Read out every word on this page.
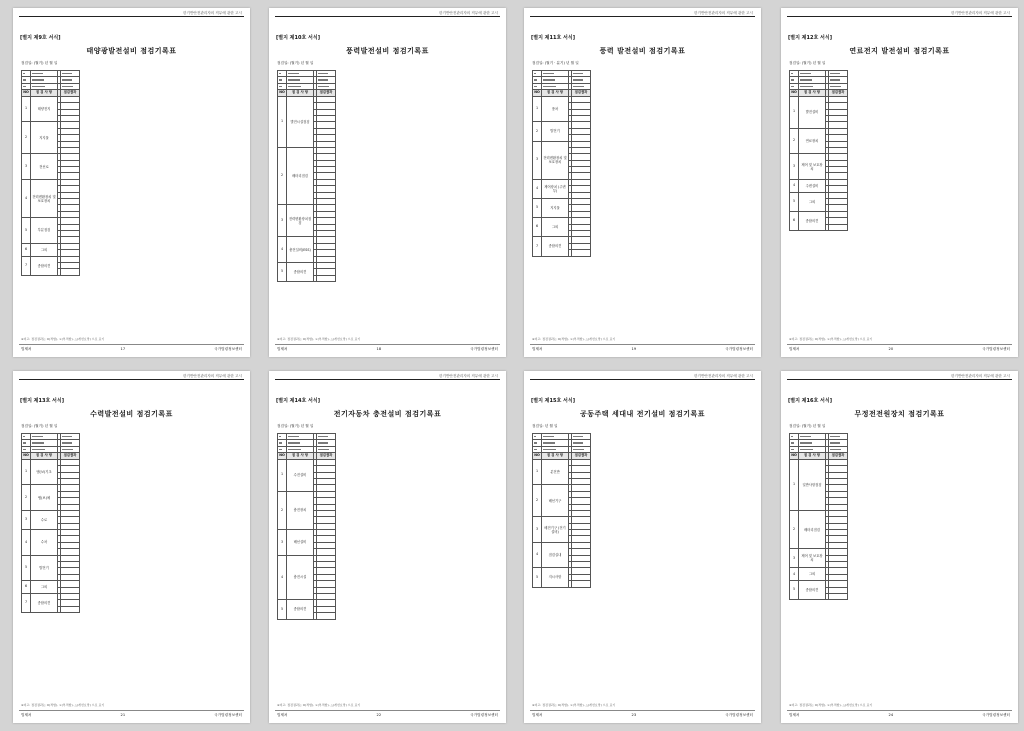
한기반안전관리자의 직무에 관한 고시
[별지 제9호 서식]
태양광발전설비 점검기록표
점검일: (월기) 년 월 일

NO	점 검 사 항		점검결과
1	태양전지	

2	지지물	

3	전선로	

4	전력변환장치 및 보호장치	

5	부분점검	

6	그외	

7	종합의견	

※비고: 점검결과는 O(적합), ×(부적합), △(개선요망) 으로 표기
법제처	17	국가법령정보센터
한기반안전관리자의 직무에 관한 고시
[별지 제10호 서식]
풍력발전설비 점검기록표
점검일: (월기) 년 월 일

NO	점 검 사 항		점검결과
1	발전시설점검	

2	배터리점검	

3	전력변환장치점검	

4	충전설비(ESS)	

5	종합의견	

※비고: 점검결과는 O(적합), ×(부적합), △(개선요망) 으로 표기
법제처	18	국가법령정보센터
한기반안전관리자의 직무에 관한 고시
[별지 제11호 서식]
풍력 발전설비 점검기록표
점검일: (월기 · 분기) 년 월 일

NO	점 검 사 항		점검결과
1	풍차	

2	발전기	

3	전력변환장치 및 보호장치	

4	제어장치 (주변부)	

5	지지물	

6	그외	

7	종합의견	

※비고: 점검결과는 O(적합), ×(부적합), △(개선요망) 으로 표기
법제처	19	국가법령정보센터
한기반안전관리자의 직무에 관한 고시
[별지 제12호 서식]
연료전지 발전설비 점검기록표
점검일: (월기) 년 월 일

NO	점 검 사 항		점검결과
1	발전설비	

2	연료장치	

3	제어 및 보호장치	

4	주변설비	

5	그외	

6	종합의견	

※비고: 점검결과는 O(적합), ×(부적합), △(개선요망) 으로 표기
법제처	20	국가법령정보센터
한기반안전관리자의 직무에 관한 고시
[별지 제13호 서식]
수력발전설비 점검기록표
점검일: (월기) 년 월 일

NO	점 검 사 항		점검결과
1	댐(보)기초	

2	댐(보)체	

3	수로	

4	수차	

5	발전기	

6	그외	

7	종합의견	

※비고: 점검결과는 O(적합), ×(부적합), △(개선요망) 으로 표기
법제처	21	국가법령정보센터
한기반안전관리자의 직무에 관한 고시
[별지 제14호 서식]
전기자동차 충전설비 점검기록표
점검일: (월기) 년 월 일

NO	점 검 사 항		점검결과
1	수전설비	

2	충전장치	

3	배선설비	

4	충전시설	

5	종합의견	

※비고: 점검결과는 O(적합), ×(부적합), △(개선요망) 으로 표기
법제처	22	국가법령정보센터
한기반안전관리자의 직무에 관한 고시
[별지 제15호 서식]
공동주택 세대내 전기설비 점검기록표
점검일: 년 월 일

NO	점 검 사 항		점검결과
1	분전반	

2	배선기구	

3	배전기구 (전기설비)	

4	점검실내	

5	지시사항	

※비고: 점검결과는 O(적합), ×(부적합), △(개선요망) 으로 표기
법제처	23	국가법령정보센터
한기반안전관리자의 직무에 관한 고시
[별지 제16호 서식]
무정전전원장치 점검기록표
점검일: (월기) 년 월 일

NO	점 검 사 항		점검결과
1	일반사항점검	

2	배터리점검	

3	제어 및 보호장치	

4	그외	

5	종합의견	

※비고: 점검결과는 O(적합), ×(부적합), △(개선요망) 으로 표기
법제처	24	국가법령정보센터
